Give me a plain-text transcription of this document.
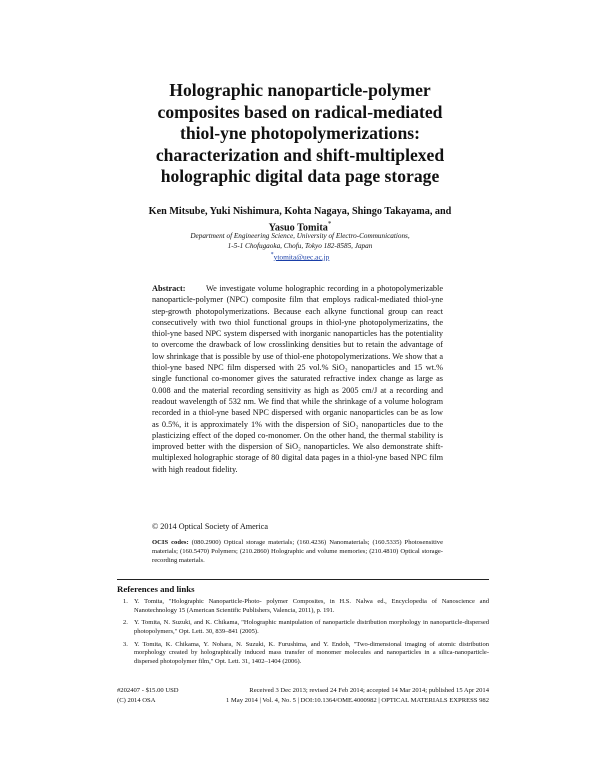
Holographic nanoparticle-polymer
composites based on radical-mediated
thiol-yne photopolymerizations:
characterization and shift-multiplexed
holographic digital data page storage
Ken Mitsube, Yuki Nishimura, Kohta Nagaya, Shingo Takayama, and
Yasuo Tomita*
Department of Engineering Science, University of Electro-Communications,
1-5-1 Chofugaoka, Chofu, Tokyo 182-8585, Japan
*ytomita@uec.ac.jp
Abstract: We investigate volume holographic recording in a photopolymerizable nanoparticle-polymer (NPC) composite film that employs radical-mediated thiol-yne step-growth photopolymerizations. Because each alkyne functional group can react consecutively with two thiol functional groups in thiol-yne photopolymerizatins, the thiol-yne based NPC system dispersed with inorganic nanoparticles has the potentiality to overcome the drawback of low crosslinking densities but to retain the advantage of low shrinkage that is possible by use of thiol-ene photopolymerizations. We show that a thiol-yne based NPC film dispersed with 25 vol.% SiO₂ nanoparticles and 15 wt.% single functional co-monomer gives the saturated refractive index change as large as 0.008 and the material recording sensitivity as high as 2005 cm/J at a recording and readout wavelength of 532 nm. We find that while the shrinkage of a volume hologram recorded in a thiol-yne based NPC dispersed with organic nanoparticles can be as low as 0.5%, it is approximately 1% with the dispersion of SiO₂ nanoparticles due to the plasticizing effect of the doped co-monomer. On the other hand, the thermal stability is improved better with the dispersion of SiO₂ nanoparticles. We also demonstrate shift-multiplexed holographic storage of 80 digital data pages in a thiol-yne based NPC film with high readout fidelity.
© 2014 Optical Society of America
OCIS codes: (080.2900) Optical storage materials; (160.4236) Nanomaterials; (160.5335) Photosensitive materials; (160.5470) Polymers; (210.2860) Holographic and volume memories; (210.4810) Optical storage-recording materials.
References and links
1. Y. Tomita, "Holographic Nanoparticle-Photo- polymer Composites, in H.S. Nalwa ed., Encyclopedia of Nanoscience and Nanotechnology 15 (American Scientific Publishers, Valencia, 2011), p. 191.
2. Y. Tomita, N. Suzuki, and K. Chikama, "Holographic manipulation of nanoparticle distribution morphology in nanoparticle-dispersed photopolymers," Opt. Lett. 30, 839–841 (2005).
3. Y. Tomita, K. Chikama, Y. Nohara, N. Suzuki, K. Furushima, and Y. Endoh, "Two-dimensional imaging of atomic distribution morphology created by holographically induced mass transfer of monomer molecules and nanoparticles in a silica-nanoparticle-dispersed photopolymer film," Opt. Lett. 31, 1402–1404 (2006).
#202407 - $15.00 USD	Received 3 Dec 2013; revised 24 Feb 2014; accepted 14 Mar 2014; published 15 Apr 2014
(C) 2014 OSA	1 May 2014 | Vol. 4, No. 5 | DOI:10.1364/OME.4000982 | OPTICAL MATERIALS EXPRESS 982
